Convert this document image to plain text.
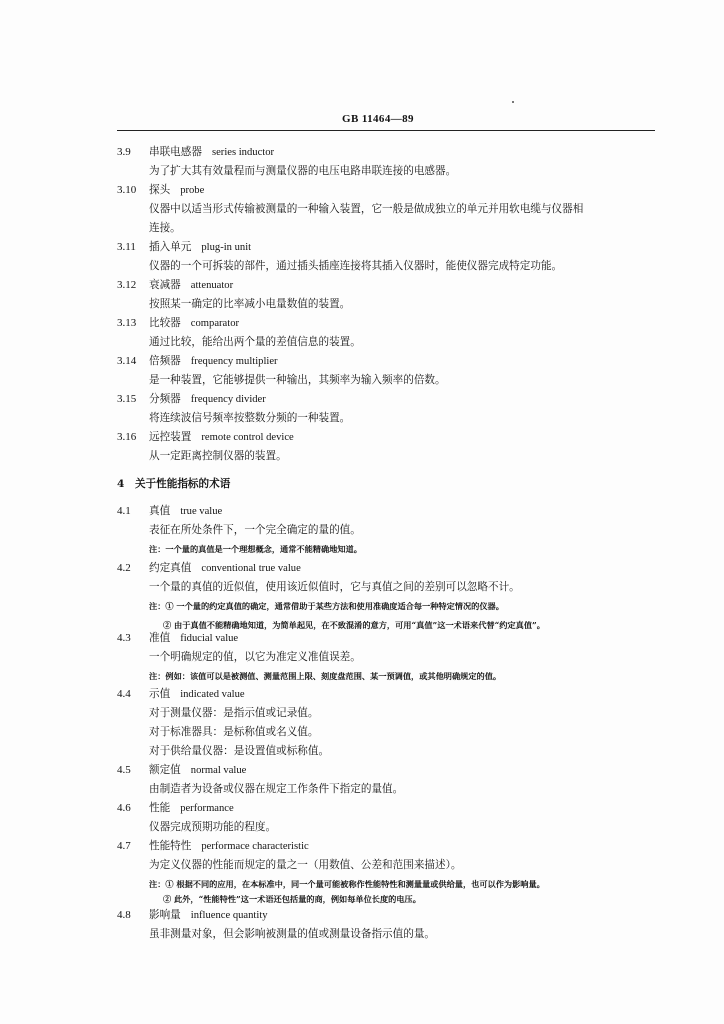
GB 11464—89
3.9 串联电感器 series inductor
为了扩大其有效量程而与测量仪器的电压电路串联连接的电感器。
3.10 探头 probe
仪器中以适当形式传输被测量的一种输入装置，它一般是做成独立的单元并用软电缆与仪器相
连接。
3.11 插入单元 plug-in unit
仪器的一个可拆装的部件，通过插头插座连接将其插入仪器时，能使仪器完成特定功能。
3.12 衰减器 attenuator
按照某一确定的比率减小电量数值的装置。
3.13 比较器 comparator
通过比较，能给出两个量的差值信息的装置。
3.14 倍频器 frequency multiplier
是一种装置，它能够提供一种输出，其频率为输入频率的倍数。
3.15 分频器 frequency divider
将连续波信号频率按整数分频的一种装置。
3.16 远控装置 remote control device
从一定距离控制仪器的装置。
4　关于性能指标的术语
4.1 真值 true value
表征在所处条件下，一个完全确定的量的值。
注：一个量的真值是一个理想概念，通常不能精确地知道。
4.2 约定真值 conventional true value
一个量的真值的近似值，使用该近似值时，它与真值之间的差别可以忽略不计。
注：① 一个量的约定真值的确定，通常借助于某些方法和使用准确度适合每一种特定情况的仪器。
② 由于真值不能精确地知道，为简单起见，在不致混淆的意方，可用“真值”这一术语来代替“约定真值”。
4.3 准值 fiducial value
一个明确规定的值，以它为准定义准值误差。
注：例如：该值可以是被测值、测量范围上限、刻度盘范围、某一预调值，或其他明确规定的值。
4.4 示值 indicated value
对于测量仪器：是指示值或记录值。
对于标准器具：是标称值或名义值。
对于供给量仪器：是设置值或标称值。
4.5 额定值 normal value
由制造者为设备或仪器在规定工作条件下指定的量值。
4.6 性能 performance
仪器完成预期功能的程度。
4.7 性能特性 performace characteristic
为定义仪器的性能而规定的量之一（用数值、公差和范围来描述）。
注：① 根据不同的应用，在本标准中，同一个量可能被称作性能特性和测量量或供给量，也可以作为影响量。
② 此外，“性能特性”这一术语还包括量的商，例如每单位长度的电压。
4.8 影响量 influence quantity
虽非测量对象，但会影响被测量的值或测量设备指示值的量。
